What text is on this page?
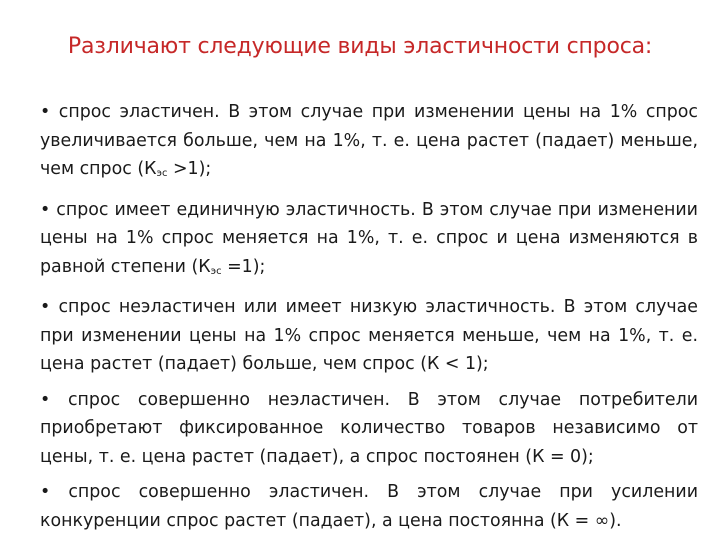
Различают следующие виды эластичности спроса:

• спрос эластичен. В этом случае при изменении цены на 1% спрос увеличивается больше, чем на 1%, т. е. цена растет (падает) меньше, чем спрос $(К_{эс} >1)$;

• спрос имеет единичную эластичность. В этом случае при изменении цены на 1% спрос меняется на 1%, т. е. спрос и цена изменяются в равной степени $(К_{эс} =1)$;

• спрос неэластичен или имеет низкую эластичность. В этом случае при изменении цены на 1% спрос меняется меньше, чем на 1%, т. е. цена растет (падает) больше, чем спрос (К < 1);

• спрос совершенно неэластичен. В этом случае потребители приобретают фиксированное количество товаров независимо от цены, т. е. цена растет (падает), а спрос постоянен (К = 0);

• спрос совершенно эластичен. В этом случае при усилении конкуренции спрос растет (падает), а цена постоянна (К = ∞).
